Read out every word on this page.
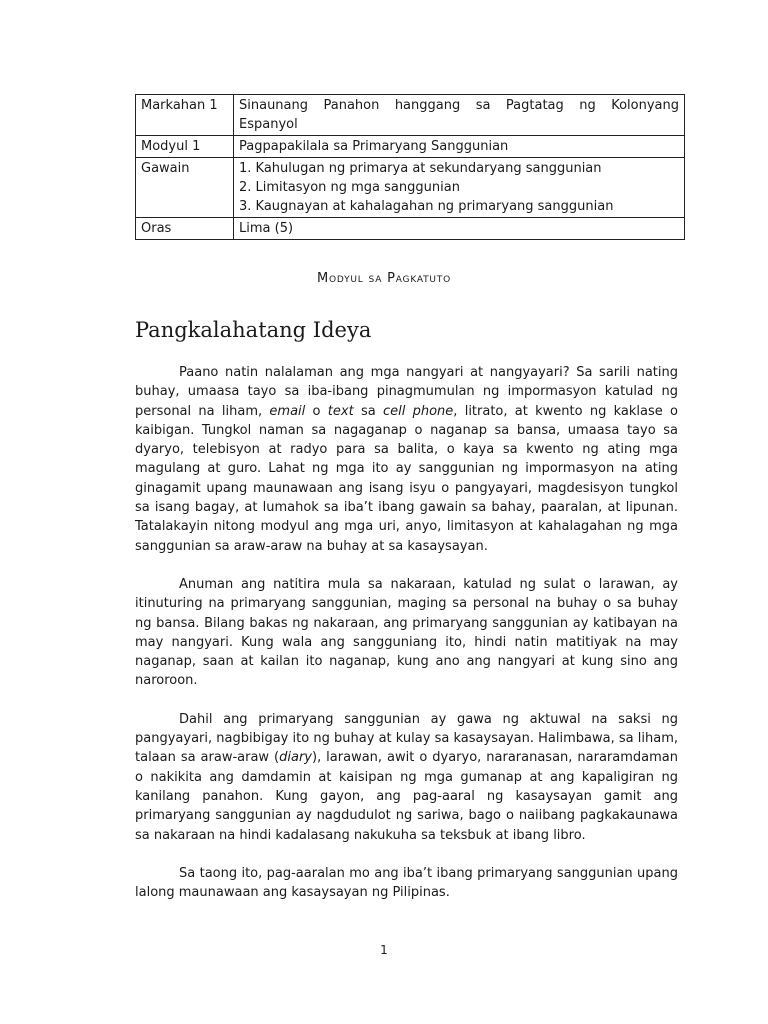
Markahan 1	Sinaunang Panahon hanggang sa Pagtatag ng Kolonyang
Espanyol

Modyul 1	Pagpapakilala sa Primaryang Sanggunian
Gawain	1. Kahulugan ng primarya at sekundaryang sanggunian
2. Limitasyon ng mga sanggunian
3. Kaugnayan at kahalagahan ng primaryang sanggunian

Oras	Lima (5)
Modyul sa Pagkatuto
Pangkalahatang Ideya

Paano natin nalalaman ang mga nangyari at nangyayari? Sa sarili nating buhay, umaasa tayo sa iba-ibang pinagmumulan ng impormasyon katulad ng personal na liham, email o text sa cell phone, litrato, at kwento ng kaklase o kaibigan. Tungkol naman sa nagaganap o naganap sa bansa, umaasa tayo sa dyaryo, telebisyon at radyo para sa balita, o kaya sa kwento ng ating mga magulang at guro. Lahat ng mga ito ay sanggunian ng impormasyon na ating ginagamit upang maunawaan ang isang isyu o pangyayari, magdesisyon tungkol sa isang bagay, at lumahok sa iba’t ibang gawain sa bahay, paaralan, at lipunan. Tatalakayin nitong modyul ang mga uri, anyo, limitasyon at kahalagahan ng mga sanggunian sa araw-araw na buhay at sa kasaysayan.

Anuman ang natitira mula sa nakaraan, katulad ng sulat o larawan, ay itinuturing na primaryang sanggunian, maging sa personal na buhay o sa buhay ng bansa. Bilang bakas ng nakaraan, ang primaryang sanggunian ay katibayan na may nangyari. Kung wala ang sangguniang ito, hindi natin matitiyak na may naganap, saan at kailan ito naganap, kung ano ang nangyari at kung sino ang naroroon.

Dahil ang primaryang sanggunian ay gawa ng aktuwal na saksi ng pangyayari, nagbibigay ito ng buhay at kulay sa kasaysayan. Halimbawa, sa liham, talaan sa araw-araw (diary), larawan, awit o dyaryo, nararanasan, nararamdaman o nakikita ang damdamin at kaisipan ng mga gumanap at ang kapaligiran ng kanilang panahon. Kung gayon, ang pag-aaral ng kasaysayan gamit ang primaryang sanggunian ay nagdudulot ng sariwa, bago o naiibang pagkakaunawa sa nakaraan na hindi kadalasang nakukuha sa teksbuk at ibang libro.

Sa taong ito, pag-aaralan mo ang iba’t ibang primaryang sanggunian upang lalong maunawaan ang kasaysayan ng Pilipinas.

1
